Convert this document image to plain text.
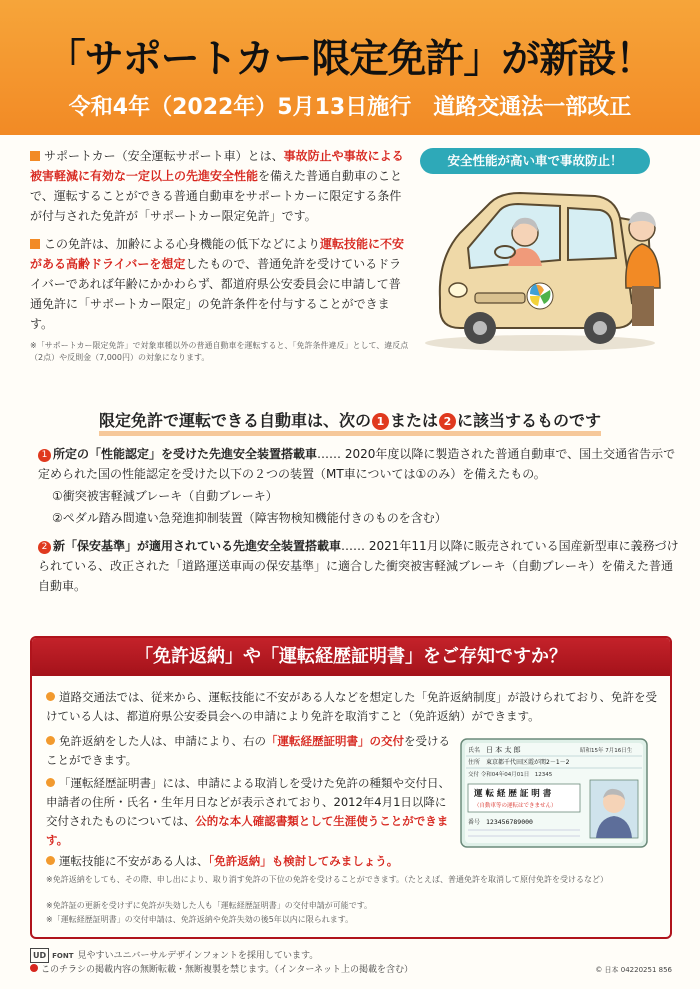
「サポートカー限定免許」が新設！
令和4年（2022年）5月13日施行　道路交通法一部改正

サポートカー（安全運転サポート車）とは、事故防止や事故による被害軽減に有効な一定以上の先進安全性能を備えた普通自動車のことで、運転することができる普通自動車をサポートカーに限定する条件が付与された免許が「サポートカー限定免許」です。

この免許は、加齢による心身機能の低下などにより運転技能に不安がある高齢ドライバーを想定したもので、普通免許を受けているドライバーであれば年齢にかかわらず、都道府県公安委員会に申請して普通免許に「サポートカー限定」の免許条件を付与することができます。

※「サポートカー限定免許」で対象車種以外の普通自動車を運転すると、「免許条件違反」として、違反点（2点）や反則金（7,000円）の対象になります。
安全性能が高い車で事故防止！
限定免許で運転できる自動車は、次の 1 または 2 に該当するものです
1 所定の「性能認定」を受けた先進安全装置搭載車…… 2020年度以降に製造された普通自動車で、国土交通省告示で定められた国の性能認定を受けた以下の２つの装置（MT車については①のみ）を備えたもの。
①衝突被害軽減ブレーキ（自動ブレーキ）
②ペダル踏み間違い急発進抑制装置（障害物検知機能付きのものを含む）
2 新「保安基準」が適用されている先進安全装置搭載車…… 2021年11月以降に販売されている国産新型車に義務づけられている、改正された「道路運送車両の保安基準」に適合した衝突被害軽減ブレーキ（自動ブレーキ）を備えた普通自動車。
「免許返納」や「運転経歴証明書」をご存知ですか？
道路交通法では、従来から、運転技能に不安がある人などを想定した「免許返納制度」が設けられており、免許を受けている人は、都道府県公安委員会への申請により免許を取消すこと（免許返納）ができます。
免許返納をした人は、申請により、右の「運転経歴証明書」の交付を受けることができます。
「運転経歴証明書」には、申請による取消しを受けた免許の種類や交付日、申請者の住所・氏名・生年月日などが表示されており、2012年4月1日以降に交付されたものについては、公的な本人確認書類として生涯使うことができます。
運転技能に不安がある人は、「免許返納」も検討してみましょう。
※免許返納をしても、その際、申し出により、取り消す免許の下位の免許を受けることができます。（たとえば、普通免許を取消して原付免許を受けるなど）
※免許証の更新を受けずに免許が失効した人も「運転経歴証明書」の交付申請が可能です。
※「運転経歴証明書」の交付申請は、免許返納や免許失効の後5年以内に限られます。
氏名 日 本 太 郎	昭和15年 7月16日生
住所 東京都千代田区霞が関2－1－2
交付 令和04年04月01日　12345
運 転 経 歴 証 明 書
（自動車等の運転はできません）
番号 123456789000
UD FONT 見やすいユニバーサルデザインフォントを採用しています。
このチラシの掲載内容の無断転載・無断複製を禁じます。（インターネット上の掲載を含む）	© 日本 04220251 856
